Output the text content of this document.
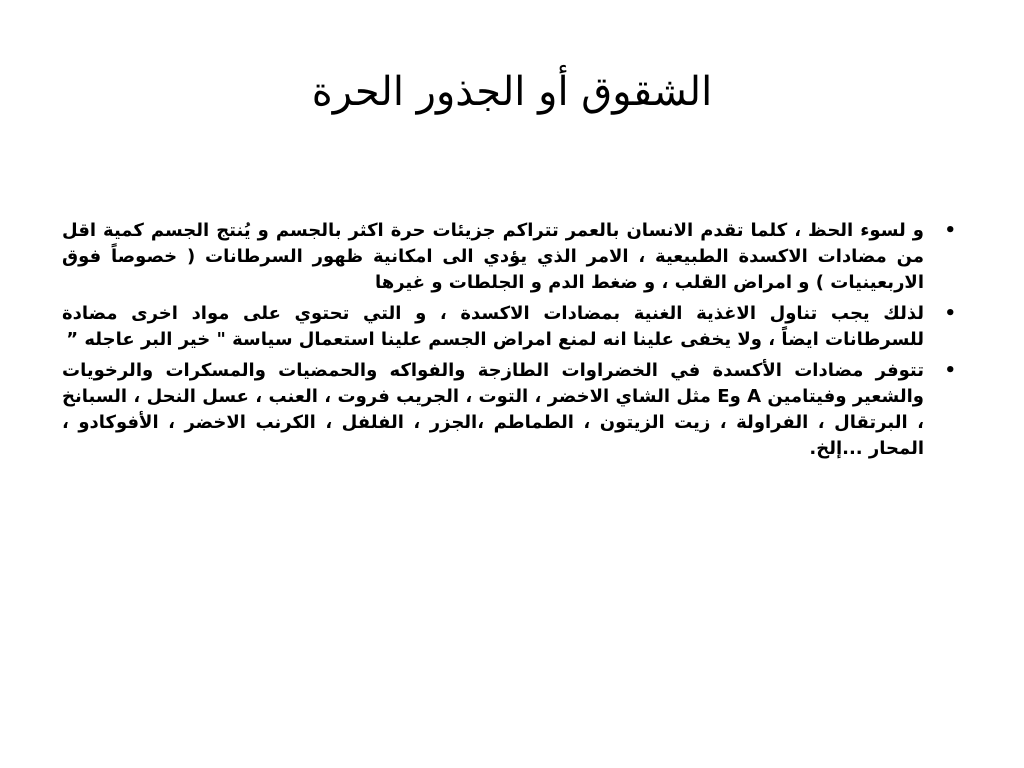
الشقوق أو الجذور الحرة
•
و لسوء الحظ ، كلما تقدم الانسان بالعمر تتراكم جزيئات حرة اكثر بالجسم و يُنتج الجسم كمية اقل من مضادات الاكسدة الطبيعية ، الامر الذي يؤدي الى امكانية ظهور السرطانات ( خصوصاً فوق الاربعينيات ) و امراض القلب ، و ضغط الدم و الجلطات و غيرها
•
لذلك يجب تناول الاغذية الغنية بمضادات الاكسدة ، و التي تحتوي على مواد اخرى مضادة للسرطانات ايضاً ، ولا يخفى علينا انه لمنع امراض الجسم علينا استعمال سياسة " خير البر عاجله ”
•
تتوفر مضادات الأكسدة في الخضراوات الطازجة والفواكه والحمضيات والمسكرات والرخويات والشعير وفيتامين A وE مثل الشاي الاخضر ، التوت ، الجريب فروت ، العنب ، عسل النحل ، السبانخ ، البرتقال ، الفراولة ، زيت الزيتون ، الطماطم ،الجزر ، الفلفل ، الكرنب الاخضر ، الأفوكادو ، المحار ...إلخ.
